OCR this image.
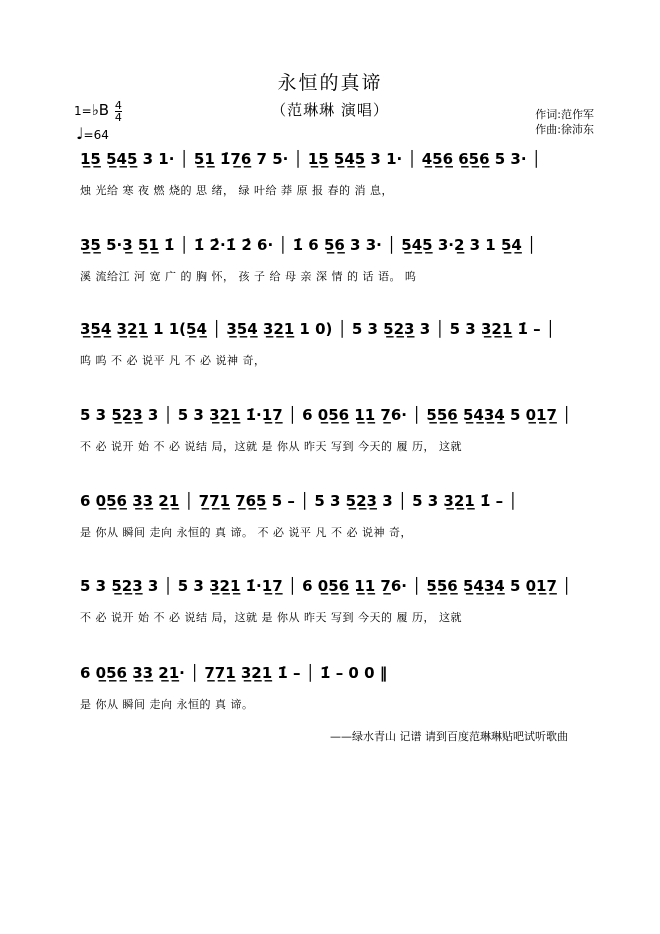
永恒的真谛
（范琳琳 演唱）
1=♭B $\frac{4}{4}$
♩=64
作词:范作军
作曲:徐沛东
1̲5̲ 5̲4̲5̲ 3 1· │ 5̲1̲ 1̇7̲6̲ 7 5· │ 1̲5̲ 5̲4̲5̲ 3 1· │ 4̲5̲6̲ 6̲5̲6̲ 5 3· │
烛 光给 寒 夜 燃 烧的 思 绪， 绿 叶给 莽 原 报 春的 消 息，
3̲5̲ 5·3̲ 5̲1̲ 1̇ │ 1̇ 2̇·1̇ 2̇ 6· │ 1̇ 6 5̲6̲ 3 3· │ 5̲4̲5̲ 3·2̲ 3 1 5̲4̲ │
溪 流给江 河 宽 广 的 胸 怀， 孩 子 给 母 亲 深 情 的 话 语。 呜
3̲5̲4̲ 3̲2̲1̲ 1 1(5̲4̲ │ 3̲5̲4̲ 3̲2̲1̲ 1 0) │ 5 3 5̲2̲3̲ 3 │ 5 3 3̲2̲1̲ 1̇ – │
呜 呜 不 必 说平 凡 不 必 说神 奇，
5 3 5̲2̲3̲ 3 │ 5 3 3̲2̲1̲ 1̇·1̲7̲ │ 6 0̲5̲6̲ 1̲1̲ 7̲6· │ 5̲5̲6̲ 5̲4̲3̲4̲ 5 0̲1̲7̲ │
不 必 说开 始 不 必 说结 局，这就 是 你从 昨天 写到 今天的 履 历， 这就
6 0̲5̲6̲ 3̲3̲ 2̲1̲ │ 7̲7̲1̲ 7̲6̲5̲ 5 – │ 5 3 5̲2̲3̲ 3 │ 5 3 3̲2̲1̲ 1̇ – │
是 你从 瞬间 走向 永恒的 真 谛。 不 必 说平 凡 不 必 说神 奇，
5 3 5̲2̲3̲ 3 │ 5 3 3̲2̲1̲ 1̇·1̲7̲ │ 6 0̲5̲6̲ 1̲1̲ 7̲6· │ 5̲5̲6̲ 5̲4̲3̲4̲ 5 0̲1̲7̲ │
不 必 说开 始 不 必 说结 局，这就 是 你从 昨天 写到 今天的 履 历， 这就
6 0̲5̲6̲ 3̲3̲ 2̲1̲· │ 7̲7̲1̲ 3̲2̲1̲ 1̇ – │ 1̇ – 0 0 ‖
是 你从 瞬间 走向 永恒的 真 谛。
——绿水青山 记谱 请到百度范琳琳贴吧试听歌曲
